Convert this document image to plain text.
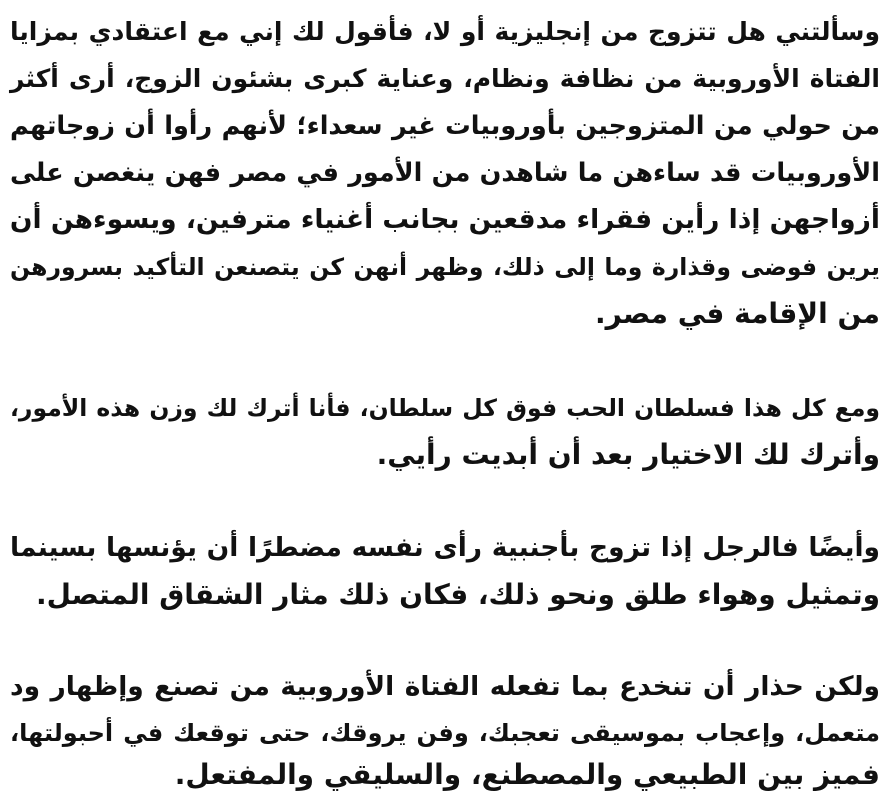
وسألتني هل تتزوج من إنجليزية أو لا، فأقول لك إني مع اعتقادي بمزايا
الفتاة الأوروبية من نظافة ونظام، وعناية كبرى بشئون الزوج، أرى أكثر
من حولي من المتزوجين بأوروبيات غير سعداء؛ لأنهم رأوا أن زوجاتهم
الأوروبيات قد ساءهن ما شاهدن من الأمور في مصر فهن ينغصن على
أزواجهن إذا رأين فقراء مدقعين بجانب أغنياء مترفين، ويسوءهن أن
يرين فوضى وقذارة وما إلى ذلك، وظهر أنهن كن يتصنعن التأكيد بسرورهن
من الإقامة في مصر.
ومع كل هذا فسلطان الحب فوق كل سلطان، فأنا أترك لك وزن هذه الأمور،
وأترك لك الاختيار بعد أن أبديت رأيي.
وأيضًا فالرجل إذا تزوج بأجنبية رأى نفسه مضطرًا أن يؤنسها بسينما
وتمثيل وهواء طلق ونحو ذلك، فكان ذلك مثار الشقاق المتصل.
ولكن حذار أن تنخدع بما تفعله الفتاة الأوروبية من تصنع وإظهار ود
متعمل، وإعجاب بموسيقى تعجبك، وفن يروقك، حتى توقعك في أحبولتها،
فميز بين الطبيعي والمصطنع، والسليقي والمفتعل.
